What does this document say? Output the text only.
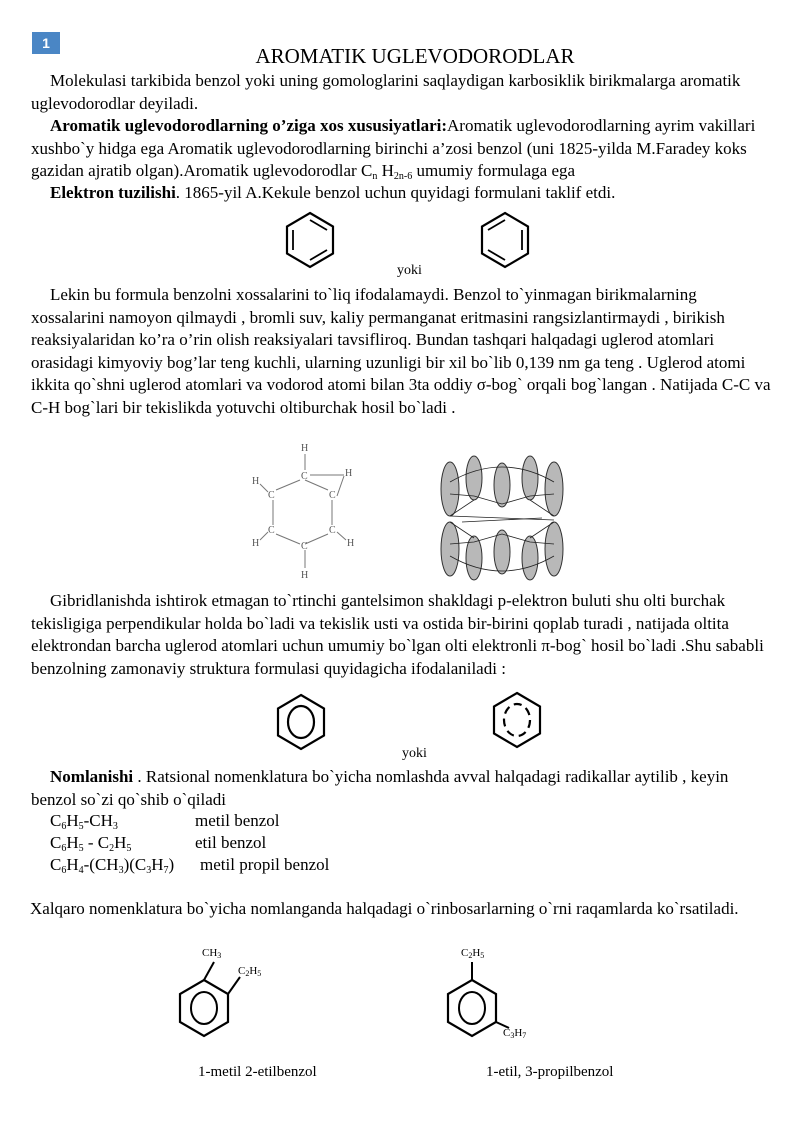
1
AROMATIK UGLEVODORODLAR

Molekulasi tarkibida benzol yoki uning gomologlarini saqlaydigan karbosiklik birikmalarga aromatik uglevodorodlar deyiladi.

Aromatik uglevodorodlarning o’ziga xos xususiyatlari:Aromatik uglevodorodlarning ayrim vakillari xushbo`y hidga ega Aromatik uglevodorodlarning birinchi a’zosi benzol (uni 1825-yilda M.Faradey koks gazidan ajratib olgan).Aromatik uglevodorodlar $C_n$ $H_{2n-6}$ umumiy formulaga ega

Elektron tuzilishi. 1865-yil A.Kekule benzol uchun quyidagi formulani taklif etdi.

yoki

Lekin bu formula benzolni xossalarini to`liq ifodalamaydi. Benzol to`yinmagan birikmalarning xossalarini namoyon qilmaydi , bromli suv, kaliy permanganat eritmasini rangsizlantirmaydi , birikish reaksiyalaridan ko’ra o’rin olish reaksiyalari tavsifliroq. Bundan tashqari halqadagi uglerod atomlari orasidagi kimyoviy bog’lar teng kuchli, ularning uzunligi bir xil bo`lib 0,139 nm ga teng . Uglerod atomi ikkita qo`shni uglerod atomlari va vodorod atomi bilan 3ta oddiy σ-bog` orqali bog`langan . Natijada C-C va C-H bog`lari bir tekislikda yotuvchi oltiburchak hosil bo`ladi .

H
C	H
C
C
H
C
H
C
H
C
H

Gibridlanishda ishtirok etmagan to`rtinchi gantelsimon shakldagi p-elektron buluti shu olti burchak tekisligiga perpendikular holda bo`ladi va tekislik usti va ostida bir-birini qoplab turadi , natijada oltita elektrondan barcha uglerod atomlari uchun umumiy bo`lgan olti elektronli π-bog` hosil bo`ladi .Shu sababli benzolning zamonaviy struktura formulasi quyidagicha ifodalaniladi :

yoki

Nomlanishi . Ratsional nomenklatura bo`yicha nomlashda avval halqadagi radikallar aytilib , keyin benzol so`zi qo`shib o`qiladi

$C_6H_5-CH_3$	metil benzol
$C_6H_5 - C_2H_5$	etil benzol
$C_6H_4-(CH_3)(C_3H_7)$ metil propil benzol

Xalqaro nomenklatura bo`yicha nomlanganda halqadagi o`rinbosarlarning o`rni raqamlarda ko`rsatiladi.

CH3
C2H5
C2H5
C3H7
1-metil 2-etilbenzol	1-etil, 3-propilbenzol
